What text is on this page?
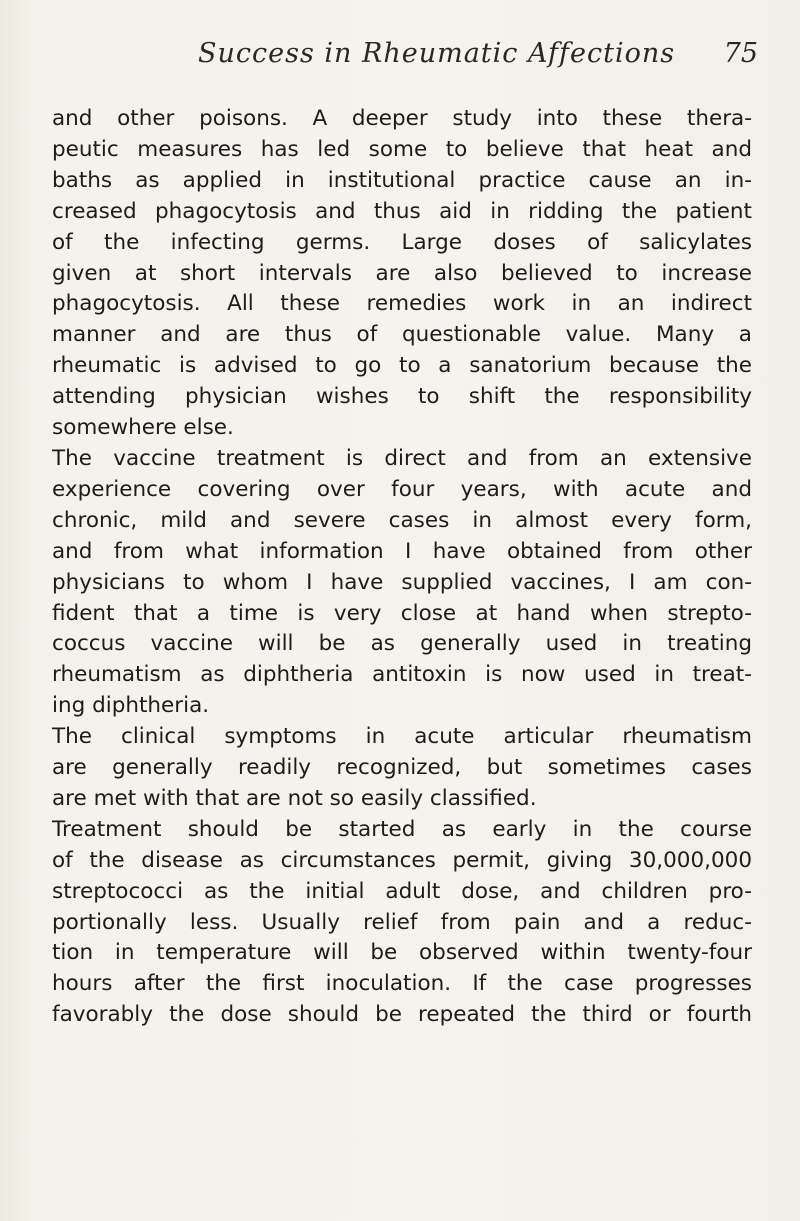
Success in Rheumatic Affections 75

and other poisons. A deeper study into these thera-
peutic measures has led some to believe that heat and
baths as applied in institutional practice cause an in-
creased phagocytosis and thus aid in ridding the patient
of the infecting germs. Large doses of salicylates
given at short intervals are also believed to increase
phagocytosis. All these remedies work in an indirect
manner and are thus of questionable value. Many a
rheumatic is advised to go to a sanatorium because the
attending physician wishes to shift the responsibility
somewhere else.

The vaccine treatment is direct and from an extensive
experience covering over four years, with acute and
chronic, mild and severe cases in almost every form,
and from what information I have obtained from other
physicians to whom I have supplied vaccines, I am con-
fident that a time is very close at hand when strepto-
coccus vaccine will be as generally used in treating
rheumatism as diphtheria antitoxin is now used in treat-
ing diphtheria.

The clinical symptoms in acute articular rheumatism
are generally readily recognized, but sometimes cases
are met with that are not so easily classified.

Treatment should be started as early in the course
of the disease as circumstances permit, giving 30,000,000
streptococci as the initial adult dose, and children pro-
portionally less. Usually relief from pain and a reduc-
tion in temperature will be observed within twenty-four
hours after the first inoculation. If the case progresses
favorably the dose should be repeated the third or fourth
